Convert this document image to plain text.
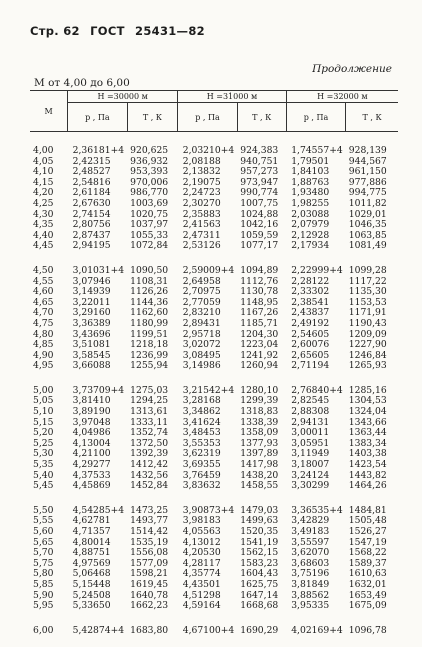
Стр. 62 ГОСТ 25431—82
Продолжение
М от 4,00 до 6,00
М	H =30000 м		H =31000 м		H =32000 м	
	p , Па	T , К	p , Па	T , К	p , Па	T , К

4,00	2,36181+4	920,625	2,03210+4	924,383	1,74557+4	928,139
4,05	2,42315	936,932	2,08188	940,751	1,79501	944,567
4,10	2,48527	953,393	2,13832	957,273	1,84103	961,150
4,15	2,54816	970,006	2,19075	973,947	1,88763	977,886
4,20	2,61184	986,770	2,24723	990,774	1,93480	994,775
4,25	2,67630	1003,69	2,30270	1007,75	1,98255	1011,82
4,30	2,74154	1020,75	2,35883	1024,88	2,03088	1029,01
4,35	2,80756	1037,97	2,41563	1042,16	2,07979	1046,35
4,40	2,87437	1055,33	2,47311	1059,59	2,12928	1063,85
4,45	2,94195	1072,84	2,53126	1077,17	2,17934	1081,49

4,50	3,01031+4	1090,50	2,59009+4	1094,89	2,22999+4	1099,28
4,55	3,07946	1108,31	2,64958	1112,76	2,28122	1117,22
4,60	3,14939	1126,26	2,70975	1130,78	2,33302	1135,30
4,65	3,22011	1144,36	2,77059	1148,95	2,38541	1153,53
4,70	3,29160	1162,60	2,83210	1167,26	2,43837	1171,91
4,75	3,36389	1180,99	2,89431	1185,71	2,49192	1190,43
4,80	3,43696	1199,51	2,95718	1204,30	2,54605	1209,09
4,85	3,51081	1218,18	3,02072	1223,04	2,60076	1227,90
4,90	3,58545	1236,99	3,08495	1241,92	2,65605	1246,84
4,95	3,66088	1255,94	3,14986	1260,94	2,71194	1265,93

5,00	3,73709+4	1275,03	3,21542+4	1280,10	2,76840+4	1285,16
5,05	3,81410	1294,25	3,28168	1299,39	2,82545	1304,53
5,10	3,89190	1313,61	3,34862	1318,83	2,88308	1324,04
5,15	3,97048	1333,11	3,41624	1338,39	2,94131	1343,66
5,20	4,04986	1352,74	3,48453	1358,09	3,00011	1363,44
5,25	4,13004	1372,50	3,55353	1377,93	3,05951	1383,34
5,30	4,21100	1392,39	3,62319	1397,89	3,11949	1403,38
5,35	4,29277	1412,42	3,69355	1417,98	3,18007	1423,54
5,40	4,37533	1432,56	3,76459	1438,20	3,24124	1443,82
5,45	4,45869	1452,84	3,83632	1458,55	3,30299	1464,26

5,50	4,54285+4	1473,25	3,90873+4	1479,03	3,36535+4	1484,81
5,55	4,62781	1493,77	3,98183	1499,63	3,42829	1505,48
5,60	4,71357	1514,42	4,05563	1520,35	3,49183	1526,27
5,65	4,80014	1535,19	4,13012	1541,19	3,55597	1547,19
5,70	4,88751	1556,08	4,20530	1562,15	3,62070	1568,22
5,75	4,97569	1577,09	4,28117	1583,23	3,68603	1589,37
5,80	5,06468	1598,21	4,35774	1604,43	3,75196	1610,63
5,85	5,15448	1619,45	4,43501	1625,75	3,81849	1632,01
5,90	5,24508	1640,78	4,51298	1647,14	3,88562	1653,49
5,95	5,33650	1662,23	4,59164	1668,68	3,95335	1675,09

6,00	5,42874+4	1683,80	4,67100+4	1690,29	4,02169+4	1096,78
